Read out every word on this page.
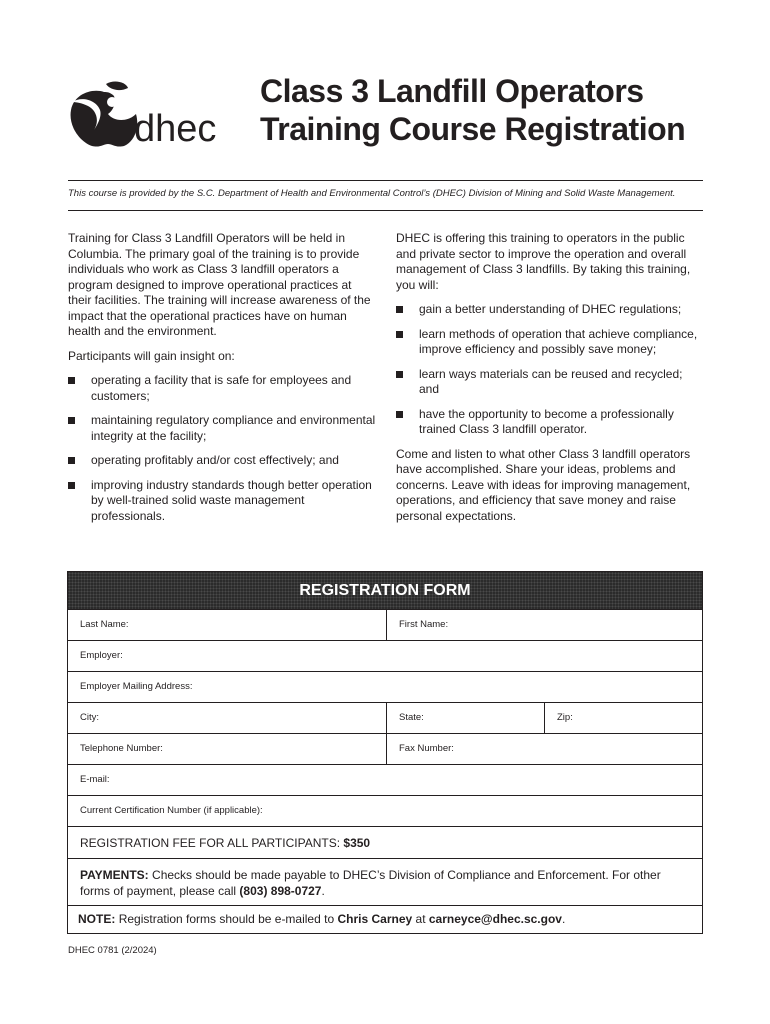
dhec
Class 3 Landfill Operators
Training Course Registration
This course is provided by the S.C. Department of Health and Environmental Control’s (DHEC) Division of Mining and Solid Waste Management.

Training for Class 3 Landfill Operators will be held in Columbia. The primary goal of the training is to provide individuals who work as Class 3 landfill operators a program designed to improve operational practices at their facilities. The training will increase awareness of the impact that the operational practices have on human health and the environment.

Participants will gain insight on:

operating a facility that is safe for employees and customers;
maintaining regulatory compliance and environmental integrity at the facility;
operating profitably and/or cost effectively; and
improving industry standards though better operation by well-trained solid waste management professionals.

DHEC is offering this training to operators in the public and private sector to improve the operation and overall management of Class 3 landfills. By taking this training, you will:

gain a better understanding of DHEC regulations;
learn methods of operation that achieve compliance, improve efficiency and possibly save money;
learn ways materials can be reused and recycled; and
have the opportunity to become a professionally trained Class 3 landfill operator.

Come and listen to what other Class 3 landfill operators have accomplished. Share your ideas, problems and concerns. Leave with ideas for improving management, operations, and efficiency that save money and raise personal expectations.

REGISTRATION FORM
Last Name:	First Name:
Employer:
Employer Mailing Address:
City:	State:	Zip:
Telephone Number:	Fax Number:
E-mail:
Current Certification Number (if applicable):
REGISTRATION FEE FOR ALL PARTICIPANTS: $350
PAYMENTS: Checks should be made payable to DHEC’s Division of Compliance and Enforcement. For other forms of payment, please call (803) 898-0727.
NOTE: Registration forms should be e-mailed to Chris Carney at carneyce@dhec.sc.gov.
DHEC 0781 (2/2024)
